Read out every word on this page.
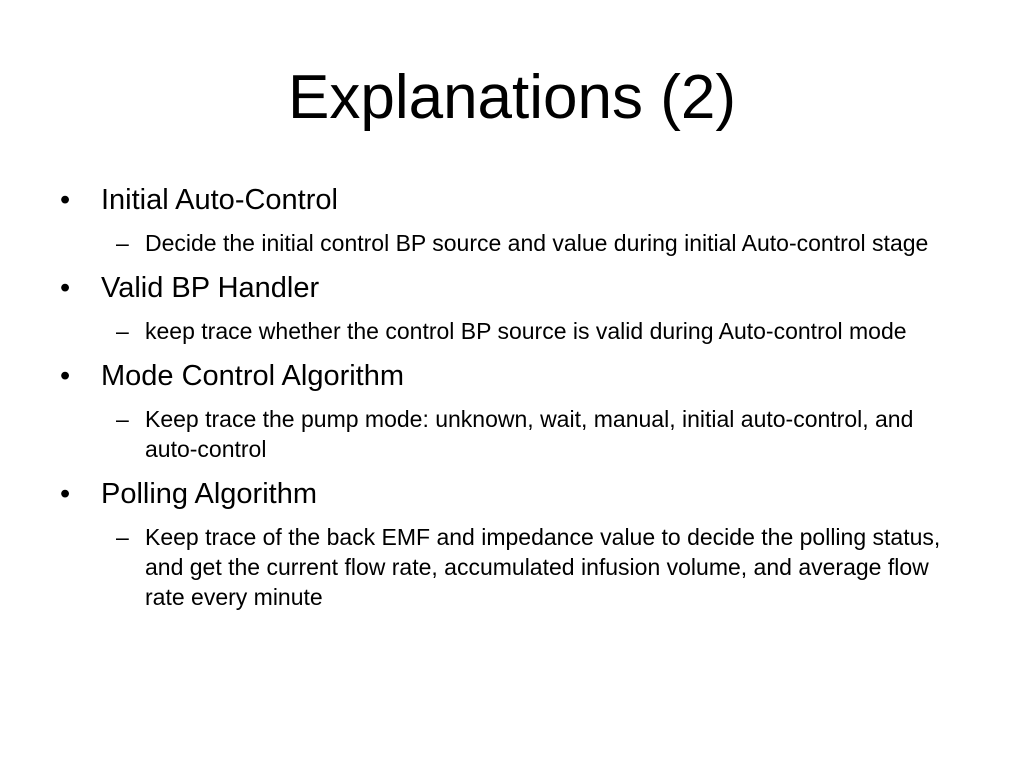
Explanations (2)
• Initial Auto-Control
– Decide the initial control BP source and value during initial Auto-control stage
• Valid BP Handler
– keep trace whether the control BP source is valid during Auto-control mode
• Mode Control Algorithm
– Keep trace the pump mode: unknown, wait, manual, initial auto-control, and auto-control
• Polling Algorithm
– Keep trace of the back EMF and impedance value to decide the polling status, and get the current flow rate, accumulated infusion volume, and average flow rate every minute
